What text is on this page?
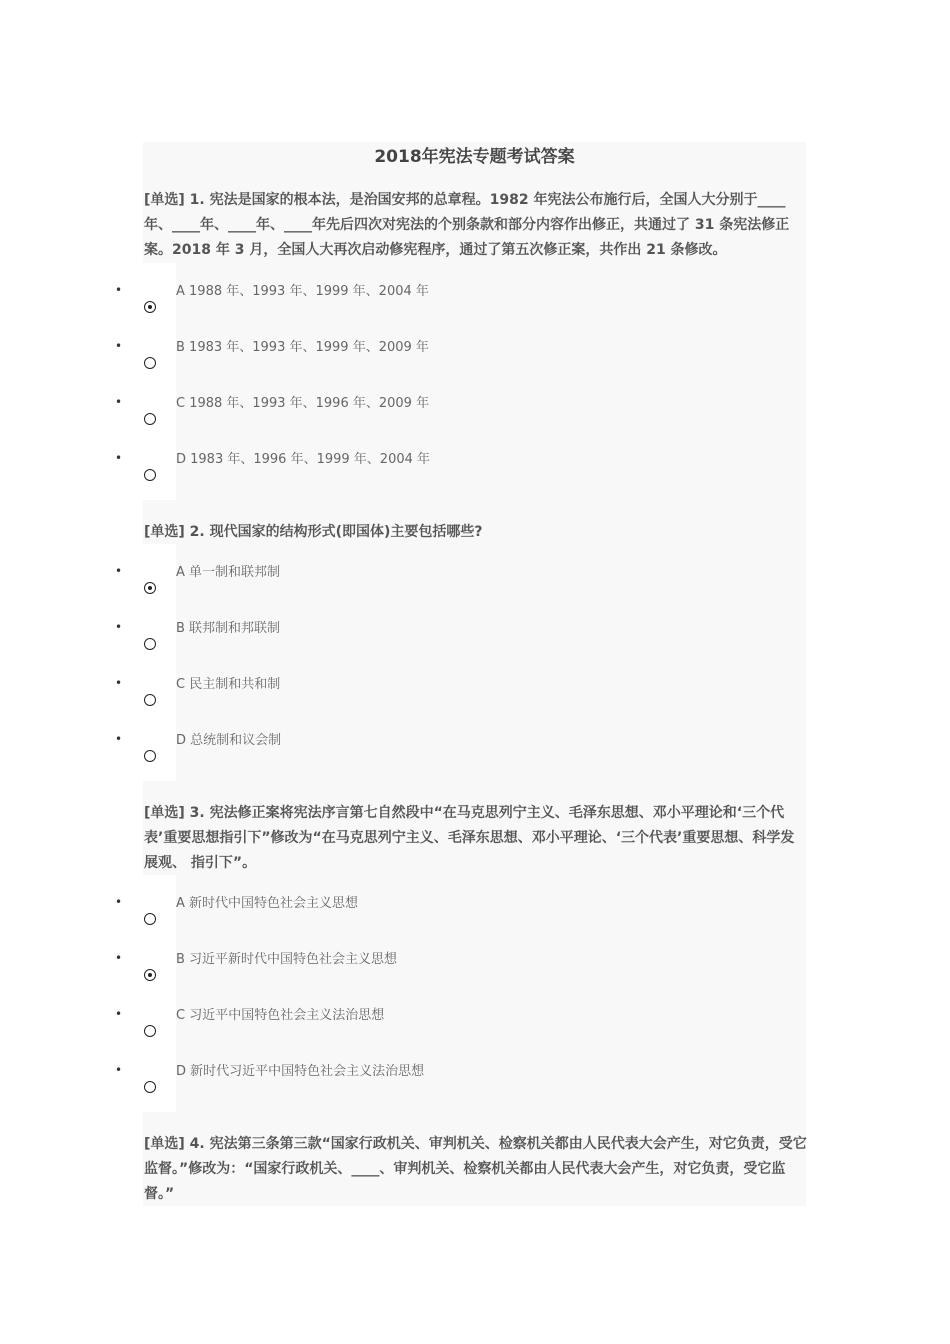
2018年宪法专题考试答案

[单选] 1. 宪法是国家的根本法，是治国安邦的总章程。1982 年宪法公布施行后，全国人大分别于____年、____年、____年、____年先后四次对宪法的个别条款和部分内容作出修正，共通过了 31 条宪法修正案。2018 年 3 月，全国人大再次启动修宪程序，通过了第五次修正案，共作出 21 条修改。

•	A 1988 年、1993 年、1999 年、2004 年
•	B 1983 年、1993 年、1999 年、2009 年
•	C 1988 年、1993 年、1996 年、2009 年
•	D 1983 年、1996 年、1999 年、2004 年

[单选] 2. 现代国家的结构形式(即国体)主要包括哪些?

•	A 单一制和联邦制
•	B 联邦制和邦联制
•	C 民主制和共和制
•	D 总统制和议会制

[单选] 3. 宪法修正案将宪法序言第七自然段中“在马克思列宁主义、毛泽东思想、邓小平理论和‘三个代表’重要思想指引下”修改为“在马克思列宁主义、毛泽东思想、邓小平理论、‘三个代表’重要思想、科学发展观、 指引下”。

•	A 新时代中国特色社会主义思想
•	B 习近平新时代中国特色社会主义思想
•	C 习近平中国特色社会主义法治思想
•	D 新时代习近平中国特色社会主义法治思想

[单选] 4. 宪法第三条第三款“国家行政机关、审判机关、检察机关都由人民代表大会产生，对它负责，受它监督。”修改为：“国家行政机关、____、审判机关、检察机关都由人民代表大会产生，对它负责，受它监督。”
